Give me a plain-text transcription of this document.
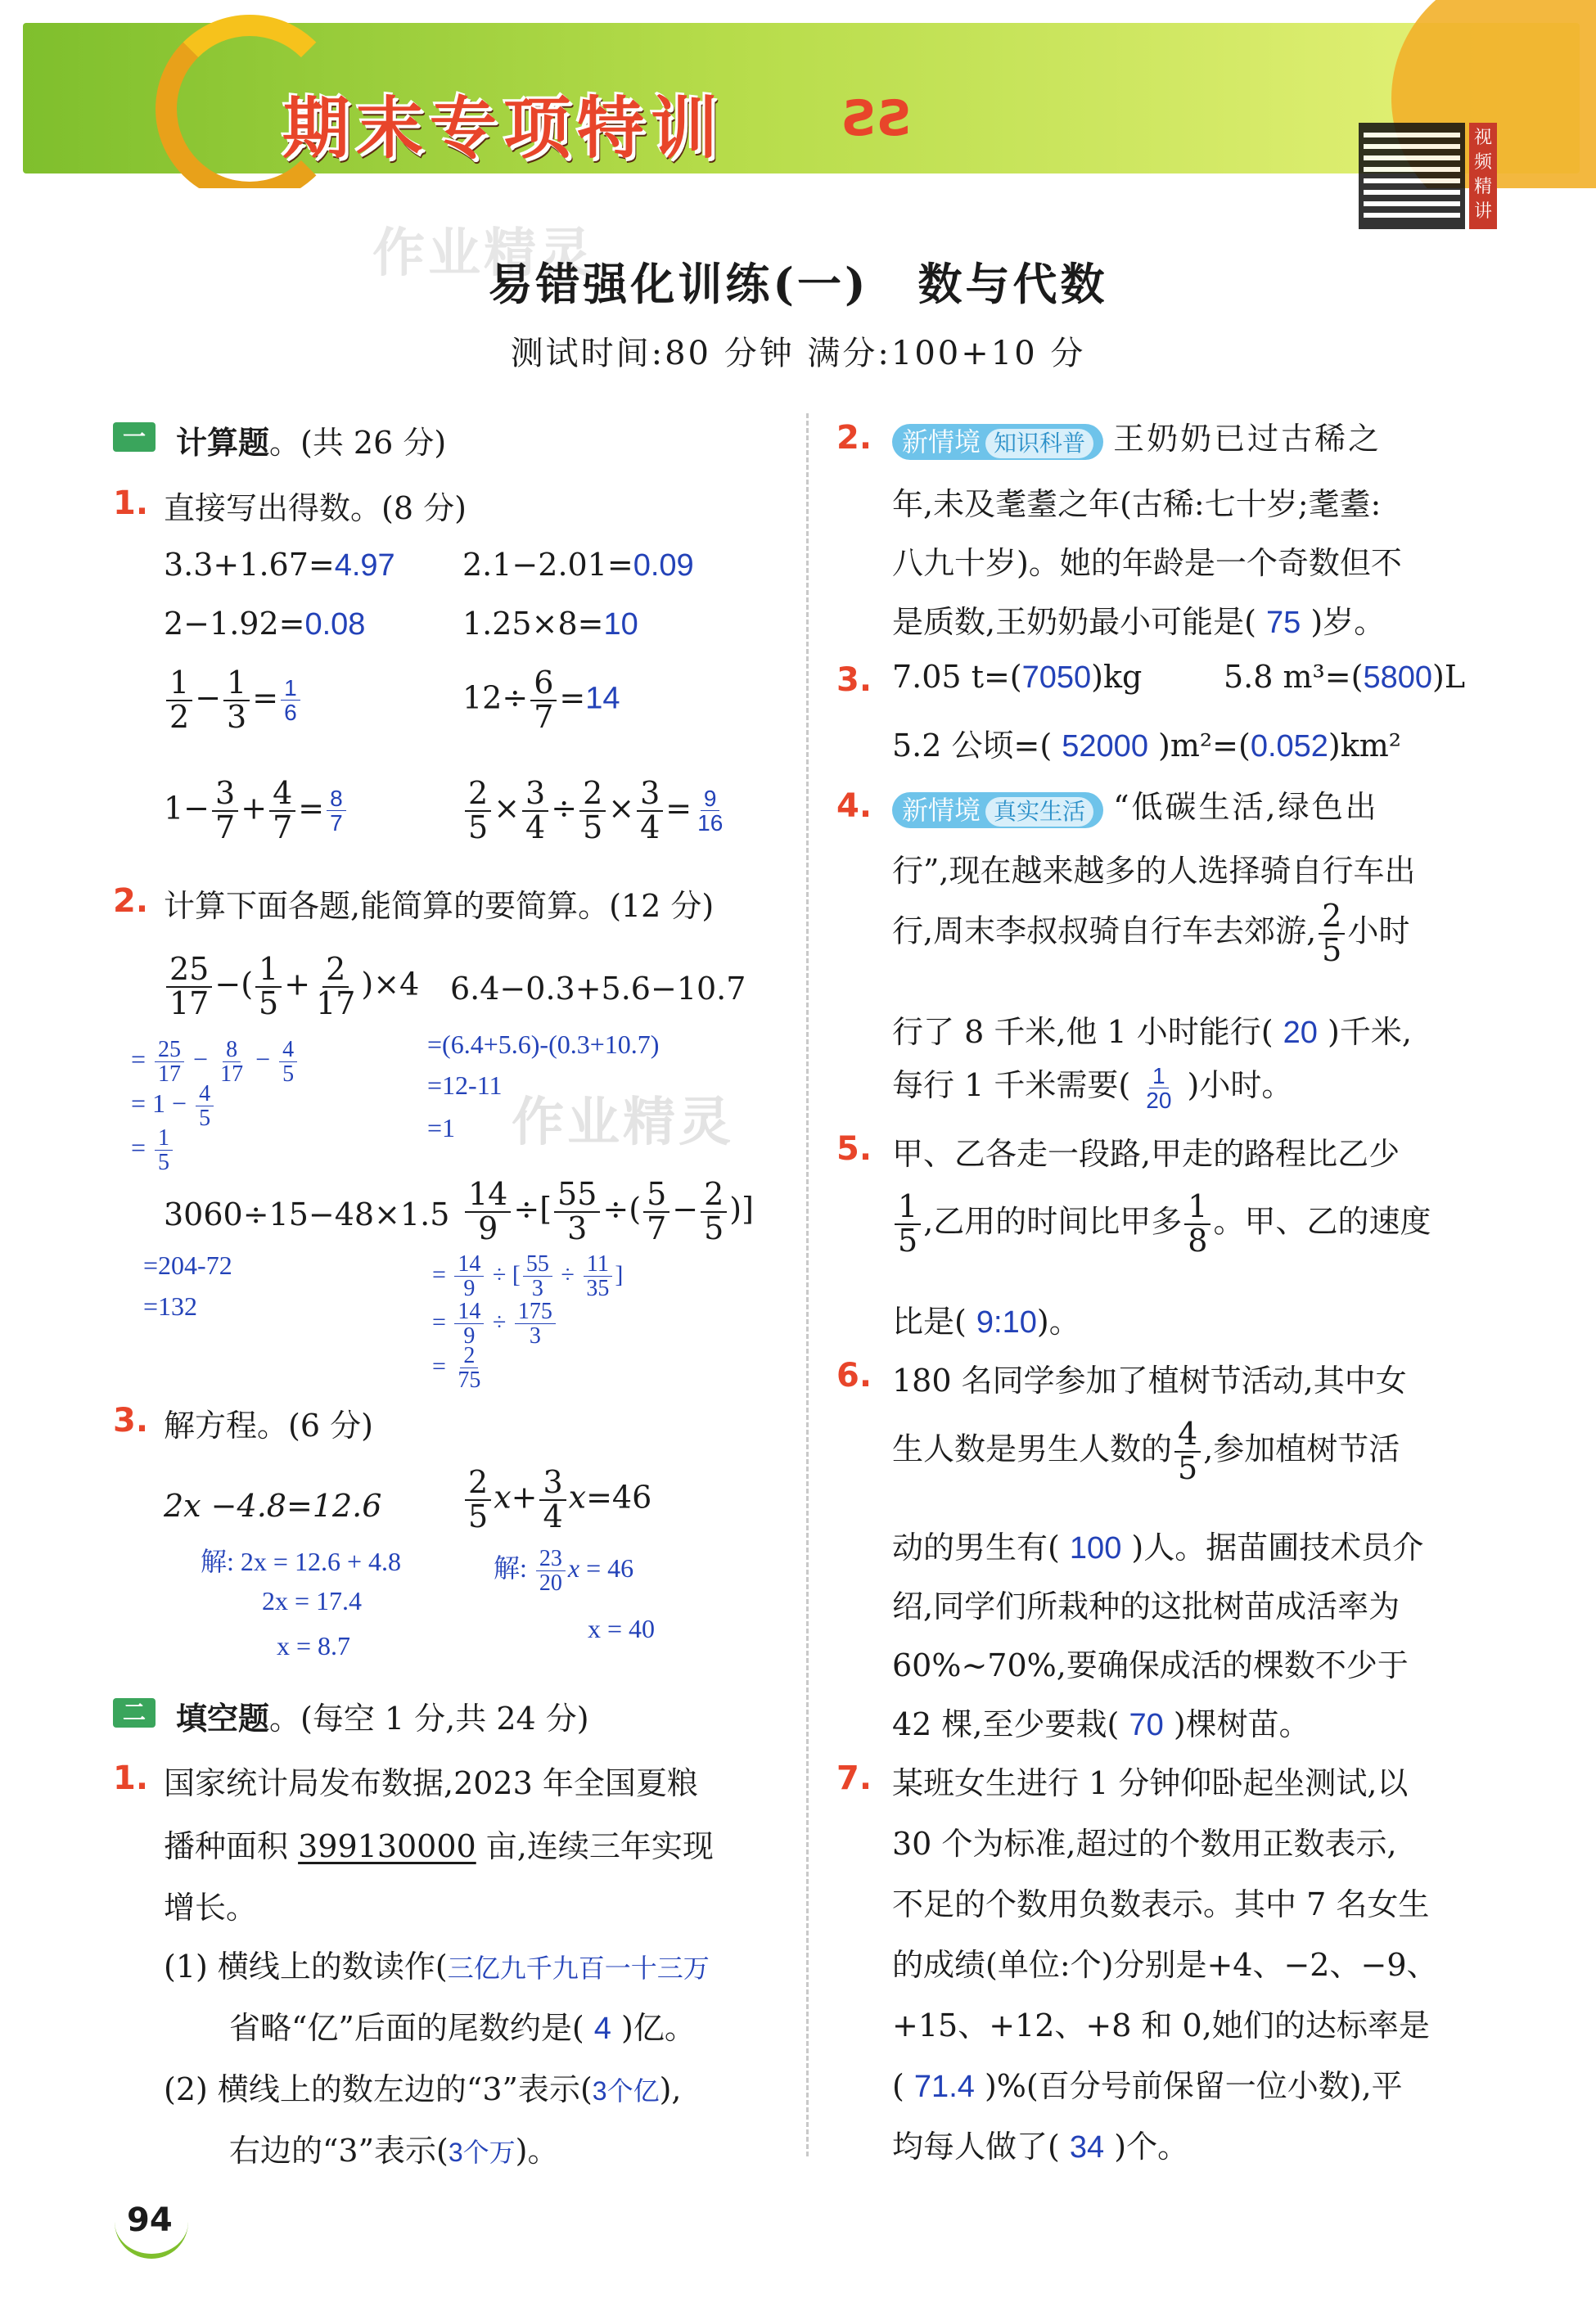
期末专项特训 ƧƧ	视频精讲
作业精灵
易错强化训练(一) 数与代数
测试时间:80 分钟 满分:100+10 分
一 计算题。(共 26 分)
1. 直接写出得数。(8 分)
3.3+1.67=4.97 2.1−2.01=0.09
2−1.92=0.08	1.25×8=10
$\frac{1}{2} - \frac{1}{3} = \frac{1}{6}$	$12\div \frac{6}{7} =14$
$1- \frac{3}{7} + \frac{4}{7} = \frac{8}{7}$	$\frac{2}{5} \times \frac{3}{4} \div \frac{2}{5} \times \frac{3}{4} = \frac{9}{16}$
2. 计算下面各题,能简算的要简算。(12 分)
$\frac{25}{17}$ −( $\frac{1}{5} + \frac{2}{17} )\times 4$
= $\frac{25}{17} - \frac{8}{17} - \frac{4}{5}$
= $1 - \frac{4}{5}$
= $\frac{1}{5}$
6.4−0.3+5.6−10.7
=(6.4+5.6)-(0.3+10.7)
=12-11
=1 作业精灵
3060÷15−48×1.5
=204-72
=132
$\frac{14}{9}$ ÷[ $\frac{55}{3}$ ÷( $\frac{5}{7} - \frac{2}{5}$ )]
= $\frac{14}{9}$ ÷ [ $\frac{55}{3} \div \frac{11}{35}$ ]
= $\frac{14}{9} \div \frac{175}{3}$
= $\frac{2}{75}$
3. 解方程。(6 分)
2x −4.8=12.6
解: 2x = 12.6 + 4.8
2x = 17.4
x = 8.7
$\frac{2}{5} x+ \frac{3}{4} x=46$
解: $\frac{23}{20}$ x = 46
x = 40
二 填空题。(每空 1 分,共 24 分)
1. 国家统计局发布数据,2023 年全国夏粮
播种面积 399130000 亩,连续三年实现
增长。
(1) 横线上的数读作(三亿九千九百一十三万
省略“亿”后面的尾数约是( 4 )亿。
(2) 横线上的数左边的“3”表示(3个亿),
右边的“3”表示(3个万)。
2.	新情境 知识科普 王奶奶已过古稀之
年,未及耄耋之年(古稀:七十岁;耄耋:
八九十岁)。她的年龄是一个奇数但不
是质数,王奶奶最小可能是( 75 )岁。
3. 7.05 t=(7050)kg	5.8 m³=(5800)L
5.2 公顷=( 52000 )m²=(0.052)km²
4.	新情境 真实生活 “低碳生活,绿色出
行”,现在越来越多的人选择骑自行车出
行,周末李叔叔骑自行车去郊游, $\frac{2}{5}$ 小时
行了 8 千米,他 1 小时能行( 20 )千米,
每行 1 千米需要( $\frac{1}{20}$ )小时。
5. 甲、乙各走一段路,甲走的路程比乙少
$\frac{1}{5}$ ,乙用的时间比甲多 $\frac{1}{8}$ 。甲、乙的速度
比是( 9:10)。
6. 180 名同学参加了植树节活动,其中女
生人数是男生人数的 $\frac{4}{5}$ ,参加植树节活
动的男生有( 100 )人。据苗圃技术员介
绍,同学们所栽种的这批树苗成活率为
60%~70%,要确保成活的棵数不少于
42 棵,至少要栽( 70 )棵树苗。
7. 某班女生进行 1 分钟仰卧起坐测试,以
30 个为标准,超过的个数用正数表示,
不足的个数用负数表示。其中 7 名女生
的成绩(单位:个)分别是+4、−2、−9、
+15、+12、+8 和 0,她们的达标率是
( 71.4 )%(百分号前保留一位小数),平
均每人做了( 34 )个。
94
